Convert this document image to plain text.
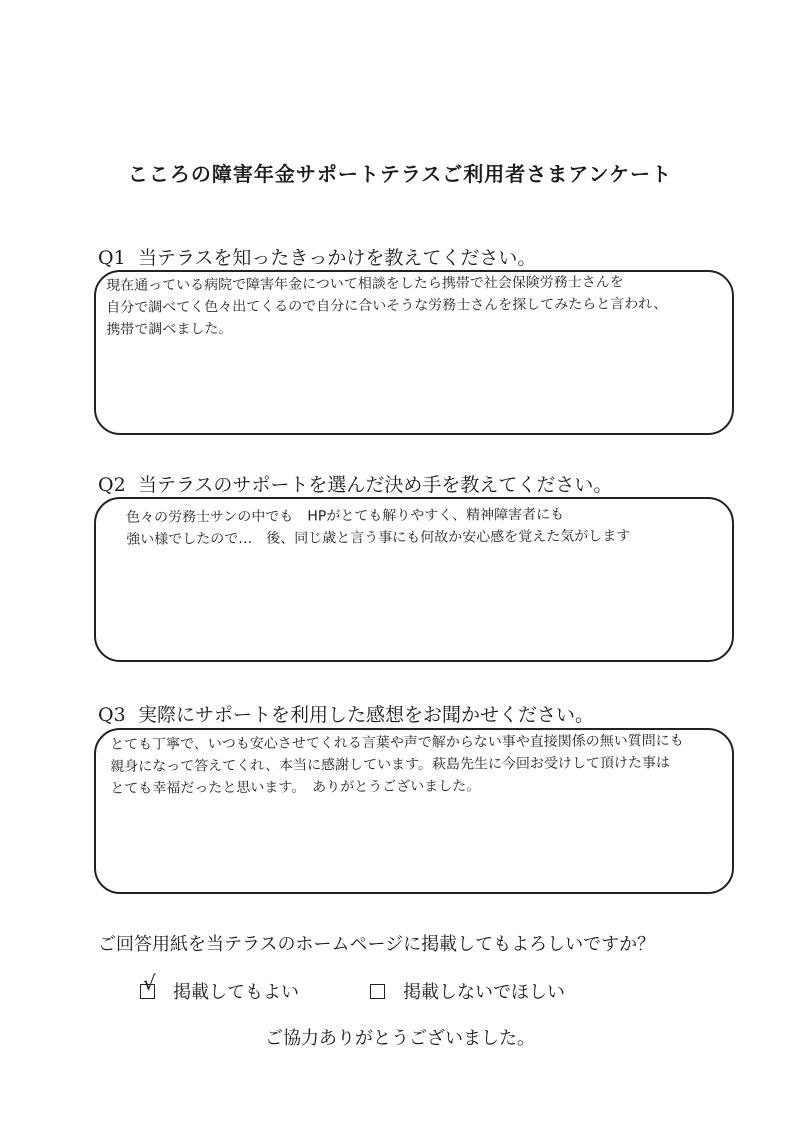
こころの障害年金サポートテラスご利用者さまアンケート
Q1 当テラスを知ったきっかけを教えてください。
現在通っている病院で障害年金について相談をしたら携帯で社会保険労務士さんを
自分で調べてく色々出てくるので自分に合いそうな労務士さんを探してみたらと言われ、
携帯で調べました。
Q2 当テラスのサポートを選んだ決め手を教えてください。
色々の労務士サンの中でも　HPがとても解りやすく、精神障害者にも
強い様でしたので…　後、同じ歳と言う事にも何故か安心感を覚えた気がします
Q3 実際にサポートを利用した感想をお聞かせください。
とても丁寧で、いつも安心させてくれる言葉や声で解からない事や直接関係の無い質問にも
親身になって答えてくれ、本当に感謝しています。萩島先生に今回お受けして頂けた事は
とても幸福だったと思います。　ありがとうございました。
ご回答用紙を当テラスのホームページに掲載してもよろしいですか？
√ 掲載してもよい	掲載しないでほしい
ご協力ありがとうございました。
